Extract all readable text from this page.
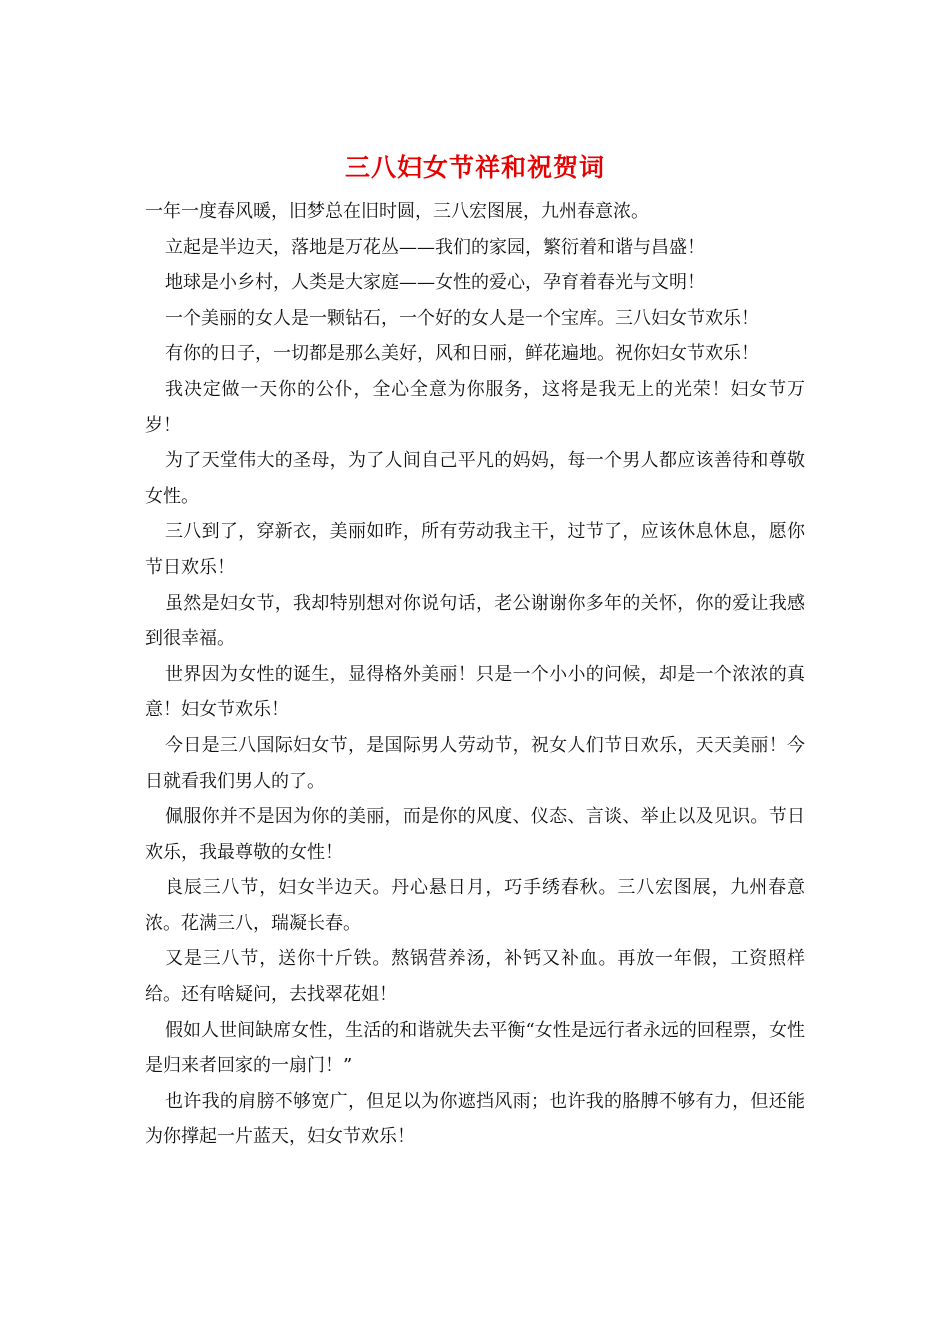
三八妇女节祥和祝贺词

一年一度春风暖，旧梦总在旧时圆，三八宏图展，九州春意浓。

立起是半边天，落地是万花丛——我们的家园，繁衍着和谐与昌盛！

地球是小乡村，人类是大家庭——女性的爱心，孕育着春光与文明！

一个美丽的女人是一颗钻石，一个好的女人是一个宝库。三八妇女节欢乐！

有你的日子，一切都是那么美好，风和日丽，鲜花遍地。祝你妇女节欢乐！

我决定做一天你的公仆，全心全意为你服务，这将是我无上的光荣！妇女节万岁！

为了天堂伟大的圣母，为了人间自己平凡的妈妈，每一个男人都应该善待和尊敬女性。

三八到了，穿新衣，美丽如昨，所有劳动我主干，过节了，应该休息休息，愿你节日欢乐！

虽然是妇女节，我却特别想对你说句话，老公谢谢你多年的关怀，你的爱让我感到很幸福。

世界因为女性的诞生，显得格外美丽！只是一个小小的问候，却是一个浓浓的真意！妇女节欢乐！

今日是三八国际妇女节，是国际男人劳动节，祝女人们节日欢乐，天天美丽！今日就看我们男人的了。

佩服你并不是因为你的美丽，而是你的风度、仪态、言谈、举止以及见识。节日欢乐，我最尊敬的女性！

良辰三八节，妇女半边天。丹心悬日月，巧手绣春秋。三八宏图展，九州春意浓。花满三八，瑞凝长春。

又是三八节，送你十斤铁。熬锅营养汤，补钙又补血。再放一年假，工资照样给。还有啥疑问，去找翠花姐！

假如人世间缺席女性，生活的和谐就失去平衡“女性是远行者永远的回程票，女性是归来者回家的一扇门！”

也许我的肩膀不够宽广，但足以为你遮挡风雨；也许我的胳膊不够有力，但还能为你撑起一片蓝天，妇女节欢乐！
